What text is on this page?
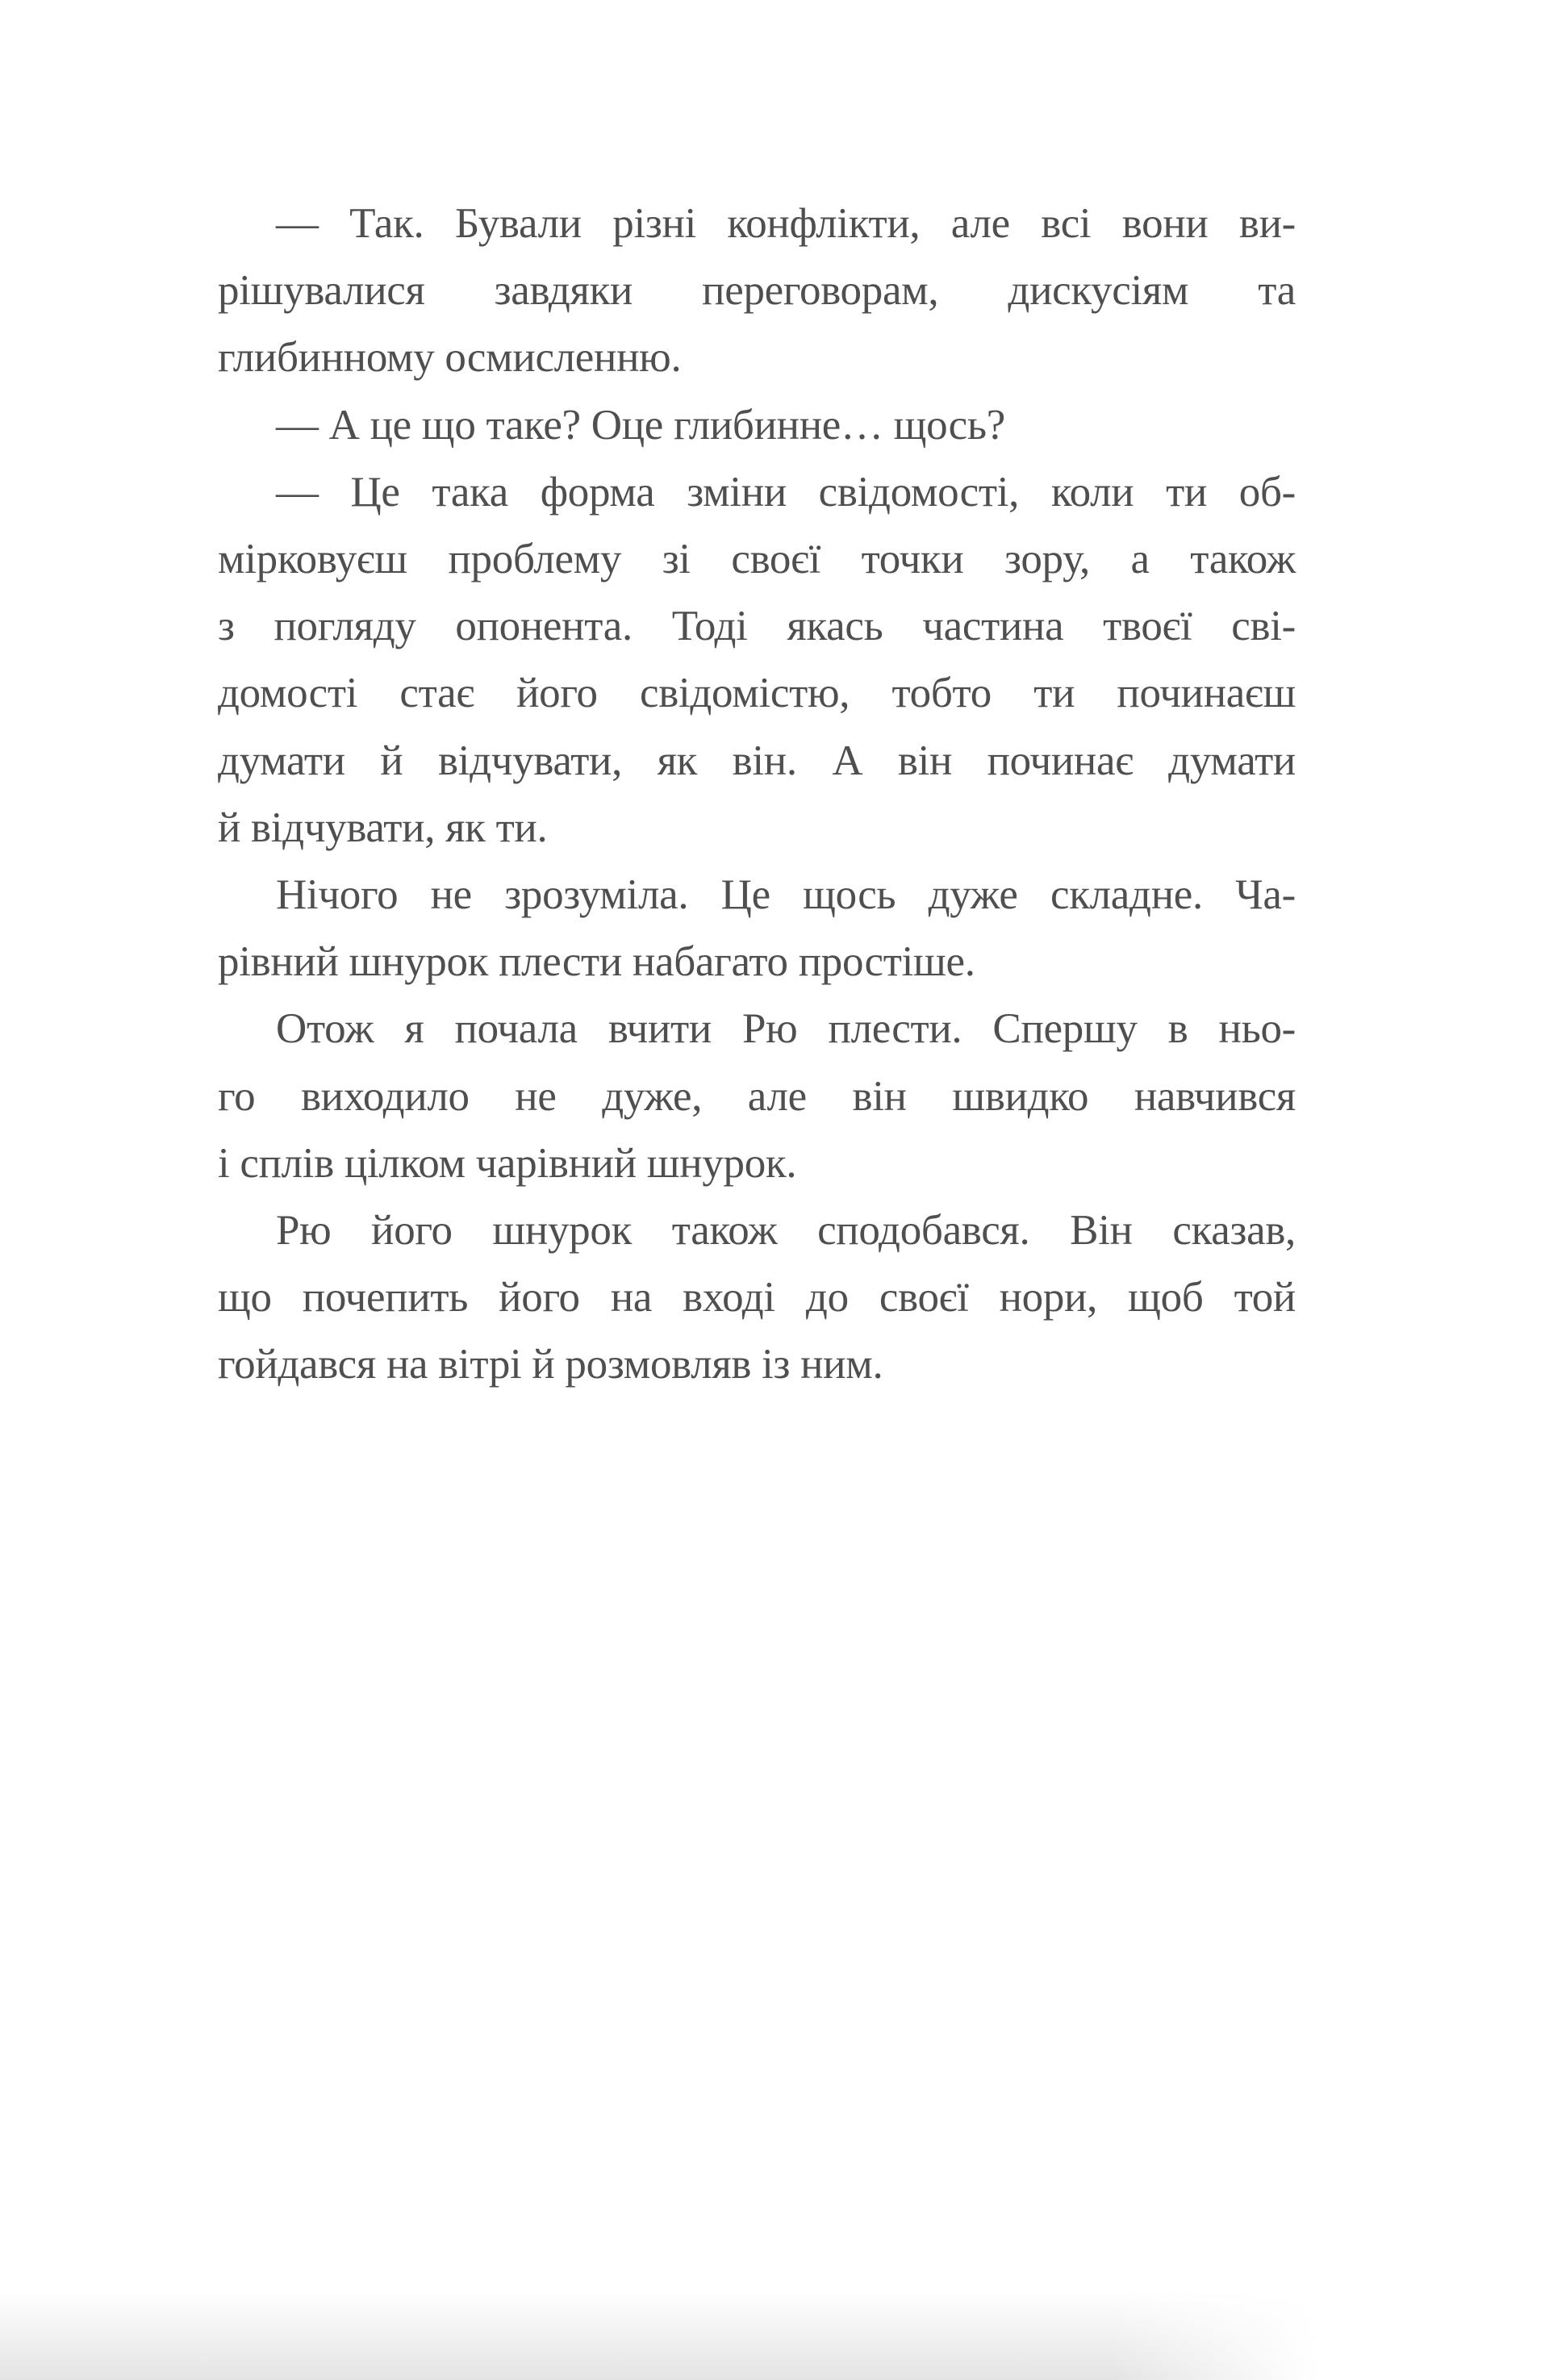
— Так. Бували різні конфлікти, але всі вони ви-
рішувалися завдяки переговорам, дискусіям та
глибинному осмисленню.
— А це що таке? Оце глибинне… щось?
— Це така форма зміни свідомості, коли ти об-
мірковуєш проблему зі своєї точки зору, а також
з погляду опонента. Тоді якась частина твоєї сві-
домості стає його свідомістю, тобто ти починаєш
думати й відчувати, як він. А він починає думати
й відчувати, як ти.
Нічого не зрозуміла. Це щось дуже складне. Ча-
рівний шнурок плести набагато простіше.
Отож я почала вчити Рю плести. Спершу в ньо-
го виходило не дуже, але він швидко навчився
і сплів цілком чарівний шнурок.
Рю його шнурок також сподобався. Він сказав,
що почепить його на вході до своєї нори, щоб той
гойдався на вітрі й розмовляв із ним.
